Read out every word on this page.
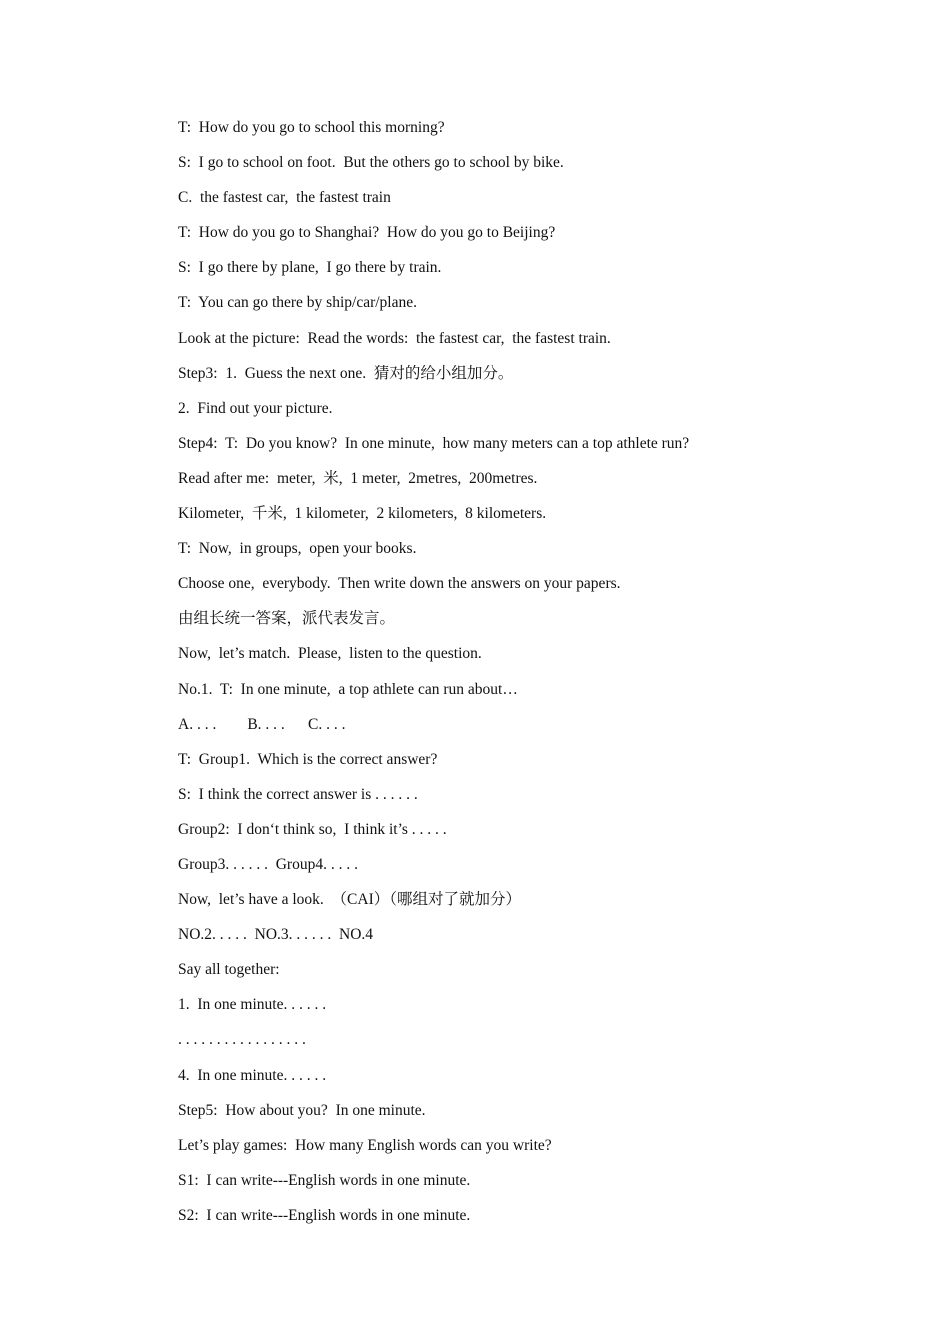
T:  How do you go to school this morning?
S:  I go to school on foot.  But the others go to school by bike.
C.  the fastest car,  the fastest train
T:  How do you go to Shanghai?  How do you go to Beijing?
S:  I go there by plane,  I go there by train.
T:  You can go there by ship/car/plane.
Look at the picture:  Read the words:  the fastest car,  the fastest train.
Step3:  1.  Guess the next one.  猜对的给小组加分。
2.  Find out your picture.
Step4:  T:  Do you know?  In one minute,  how many meters can a top athlete run?
Read after me:  meter,  米,  1 meter,  2metres,  200metres.
Kilometer,  千米,  1 kilometer,  2 kilometers,  8 kilometers.
T:  Now,  in groups,  open your books.
Choose one,  everybody.  Then write down the answers on your papers.
由组长统一答案，派代表发言。
Now,  let’s match.  Please,  listen to the question.
No.1.  T:  In one minute,  a top athlete can run about…
A. . . .        B. . . .      C. . . .
T:  Group1.  Which is the correct answer?
S:  I think the correct answer is . . . . . .
Group2:  I don‘t think so,  I think it’s . . . . .
Group3. . . . . .  Group4. . . . .
Now,  let’s have a look.  （CAI）（哪组对了就加分）
NO.2. . . . .  NO.3. . . . . .  NO.4
Say all together:
1.  In one minute. . . . . .
. . . . . . . . . . . . . . . . .
4.  In one minute. . . . . .
Step5:  How about you?  In one minute.
Let’s play games:  How many English words can you write?
S1:  I can write---English words in one minute.
S2:  I can write---English words in one minute.
